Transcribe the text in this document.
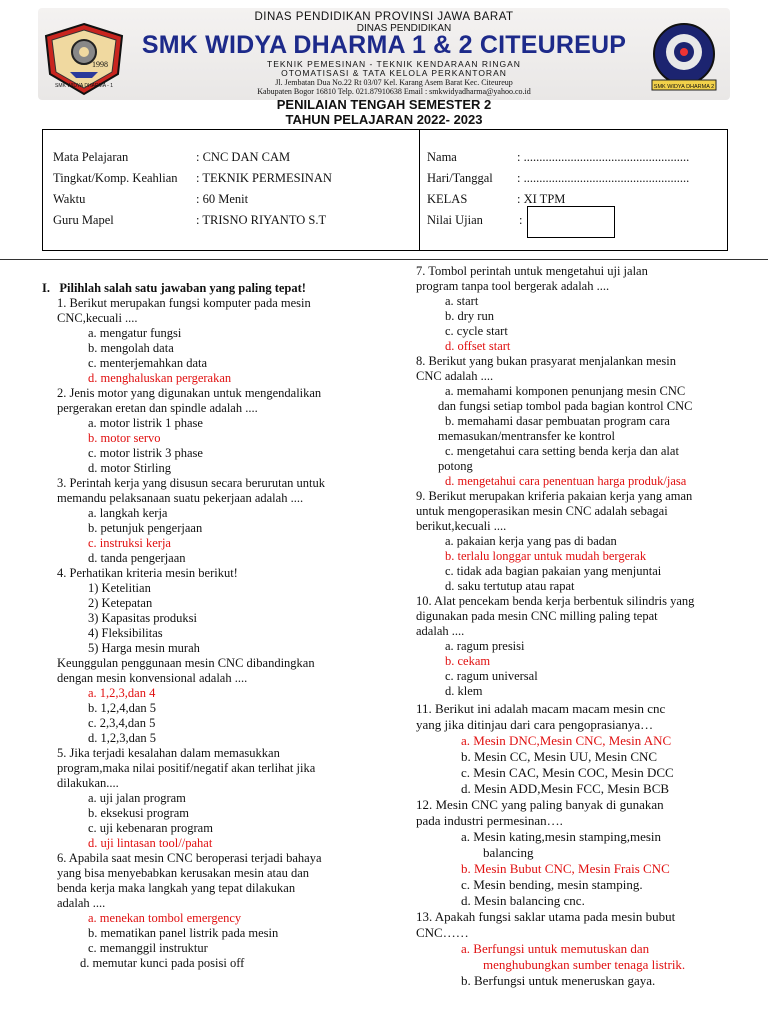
1998
SMK WIDYA DHARMA - 1
DINAS PENDIDIKAN PROVINSI JAWA BARAT
DINAS PENDIDIKAN
SMK WIDYA DHARMA 1 & 2 CITEUREUP
TEKNIK PEMESINAN - TEKNIK KENDARAAN RINGAN
OTOMATISASI & TATA KELOLA PERKANTORAN
Jl. Jembatan Dua No.22 Rt 03/07 Kel. Karang Asem Barat Kec. Citeureup
Kabupaten Bogor 16810 Telp. 021.87910638 Email : smkwidyadharma@yahoo.co.id	SMK WIDYA DHARMA 2
PENILAIAN TENGAH SEMESTER 2
TAHUN PELAJARAN 2022- 2023
Mata Pelajaran	: CNC DAN CAM
Tingkat/Komp. Keahlian : TEKNIK PERMESINAN
Waktu	: 60 Menit
Guru Mapel	: TRISNO RIYANTO S.T
Nama	: .....................................................
Hari/Tanggal : .....................................................
KELAS	: XI TPM
Nilai Ujian	:
I. Pilihlah salah satu jawaban yang paling tepat!
1. Berikut merupakan fungsi komputer pada mesin
CNC,kecuali ....
a. mengatur fungsi
b. mengolah data
c. menterjemahkan data
d. menghaluskan pergerakan
2. Jenis motor yang digunakan untuk mengendalikan
pergerakan eretan dan spindle adalah ....
a. motor listrik 1 phase
b. motor servo
c. motor listrik 3 phase
d. motor Stirling
3. Perintah kerja yang disusun secara berurutan untuk
memandu pelaksanaan suatu pekerjaan adalah ....
a. langkah kerja
b. petunjuk pengerjaan
c. instruksi kerja
d. tanda pengerjaan
4. Perhatikan kriteria mesin berikut!
1) Ketelitian
2) Ketepatan
3) Kapasitas produksi
4) Fleksibilitas
5) Harga mesin murah
Keunggulan penggunaan mesin CNC dibandingkan
dengan mesin konvensional adalah ....
a. 1,2,3,dan 4
b. 1,2,4,dan 5
c. 2,3,4,dan 5
d. 1,2,3,dan 5
5. Jika terjadi kesalahan dalam memasukkan
program,maka nilai positif/negatif akan terlihat jika
dilakukan....
a. uji jalan program
b. eksekusi program
c. uji kebenaran program
d. uji lintasan tool//pahat
6. Apabila saat mesin CNC beroperasi terjadi bahaya
yang bisa menyebabkan kerusakan mesin atau dan
benda kerja maka langkah yang tepat dilakukan
adalah ....
a. menekan tombol emergency
b. mematikan panel listrik pada mesin
c. memanggil instruktur
d. memutar kunci pada posisi off
7. Tombol perintah untuk mengetahui uji jalan
program tanpa tool bergerak adalah ....
a. start
b. dry run
c. cycle start
d. offset start
8. Berikut yang bukan prasyarat menjalankan mesin
CNC adalah ....
a. memahami komponen penunjang mesin CNC
dan fungsi setiap tombol pada bagian kontrol CNC
b. memahami dasar pembuatan program cara
memasukan/mentransfer ke kontrol
c. mengetahui cara setting benda kerja dan alat
potong
d. mengetahui cara penentuan harga produk/jasa
9. Berikut merupakan kriferia pakaian kerja yang aman
untuk mengoperasikan mesin CNC adalah sebagai
berikut,kecuali ....
a. pakaian kerja yang pas di badan
b. terlalu longgar untuk mudah bergerak
c. tidak ada bagian pakaian yang menjuntai
d. saku tertutup atau rapat
10. Alat pencekam benda kerja berbentuk silindris yang
digunakan pada mesin CNC milling paling tepat
adalah ....
a. ragum presisi
b. cekam
c. ragum universal
d. klem
11. Berikut ini adalah macam macam mesin cnc
yang jika ditinjau dari cara pengoprasianya…
a. Mesin DNC,Mesin CNC, Mesin ANC
b. Mesin CC, Mesin UU, Mesin CNC
c. Mesin CAC, Mesin COC, Mesin DCC
d. Mesin ADD,Mesin FCC, Mesin BCB
12. Mesin CNC yang paling banyak di gunakan
pada industri permesinan….
a. Mesin kating,mesin stamping,mesin
balancing
b. Mesin Bubut CNC, Mesin Frais CNC
c. Mesin bending, mesin stamping.
d. Mesin balancing cnc.
13. Apakah fungsi saklar utama pada mesin bubut
CNC……
a. Berfungsi untuk memutuskan dan
menghubungkan sumber tenaga listrik.
b. Berfungsi untuk meneruskan gaya.
